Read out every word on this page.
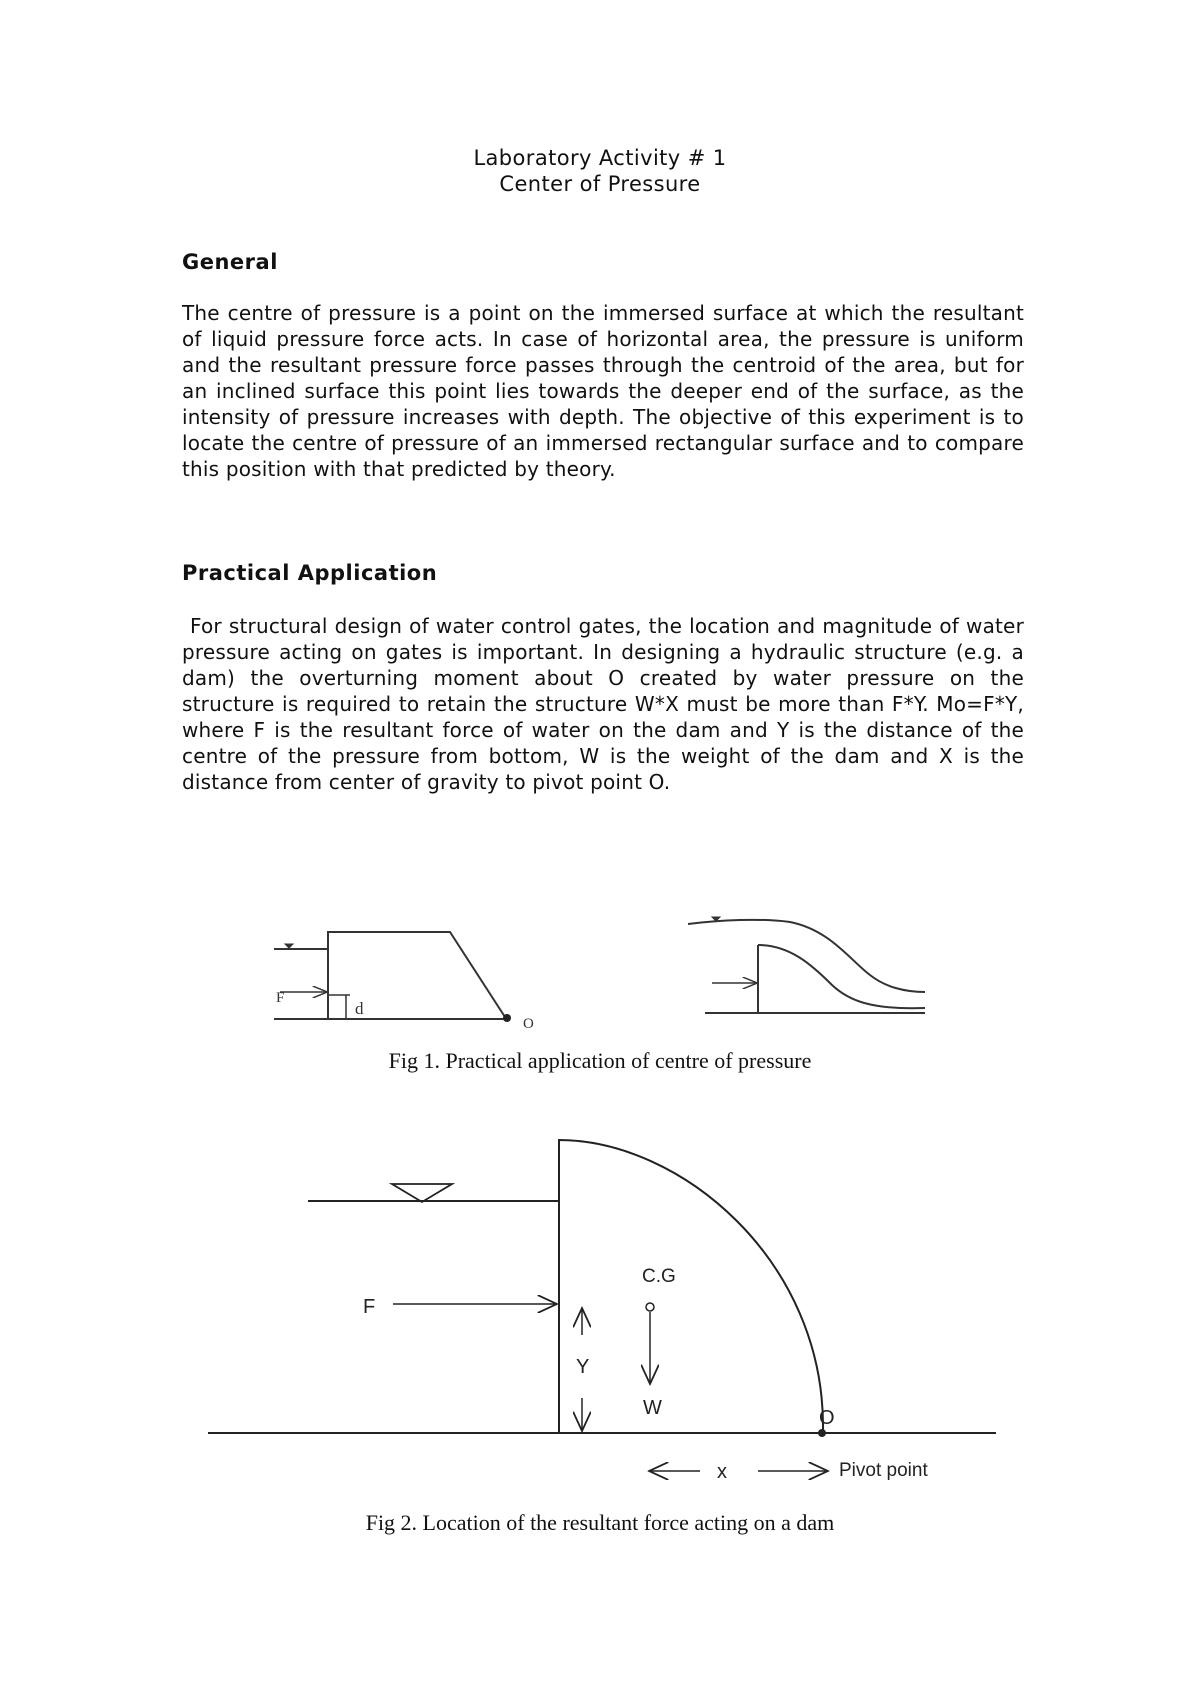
Laboratory Activity # 1
Center of Pressure
General
The centre of pressure is a point on the immersed surface at which the resultant of liquid pressure force acts. In case of horizontal area, the pressure is uniform and the resultant pressure force passes through the centroid of the area, but for an inclined surface this point lies towards the deeper end of the surface, as the intensity of pressure increases with depth. The objective of this experiment is to locate the centre of pressure of an immersed rectangular surface and to compare this position with that predicted by theory.
Practical Application
For structural design of water control gates, the location and magnitude of water pressure acting on gates is important. In designing a hydraulic structure (e.g. a dam) the overturning moment about O created by water pressure on the structure is required to retain the structure W*X must be more than F*Y. Mo=F*Y, where F is the resultant force of water on the dam and Y is the distance of the centre of the pressure from bottom, W is the weight of the dam and X is the distance from center of gravity to pivot point O.
F
d
O
Fig 1. Practical application of centre of pressure
F
C.G
Y
W	O
x	Pivot point
Fig 2. Location of the resultant force acting on a dam
